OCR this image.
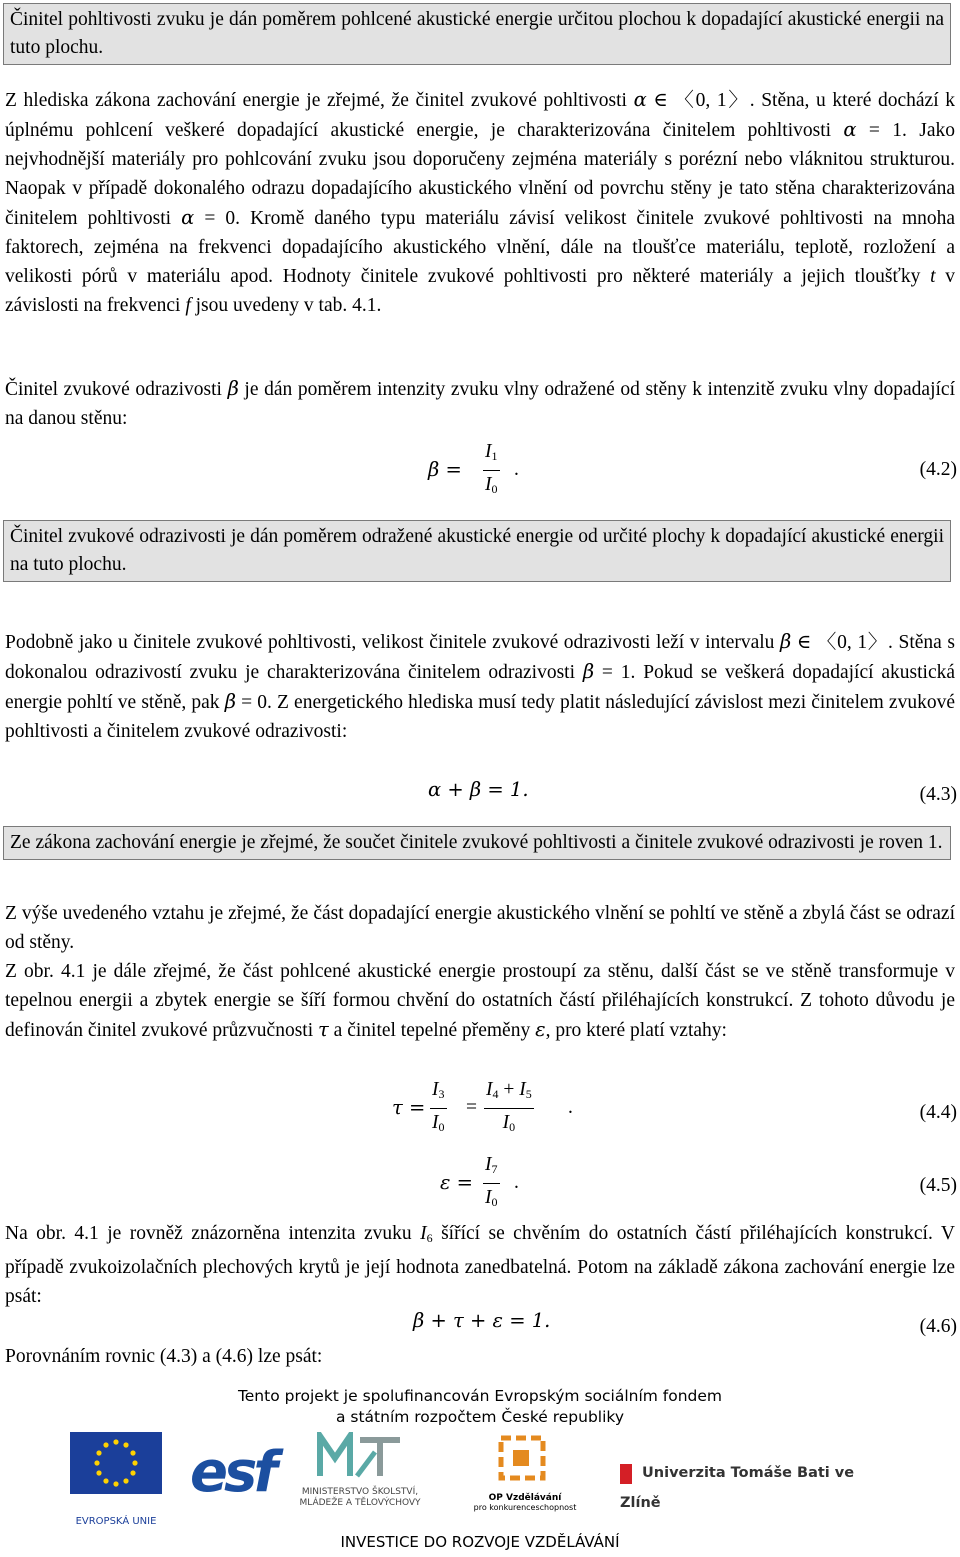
Činitel pohltivosti zvuku je dán poměrem pohlcené akustické energie určitou plochou k dopadající akustické energii na tuto plochu.
Z hlediska zákona zachování energie je zřejmé, že činitel zvukové pohltivosti α ∈ 〈0, 1〉. Stěna, u které dochází k úplnému pohlcení veškeré dopadající akustické energie, je charakterizována činitelem pohltivosti α = 1. Jako nejvhodnější materiály pro pohlcování zvuku jsou doporučeny zejména materiály s porézní nebo vláknitou strukturou. Naopak v případě dokonalého odrazu dopadajícího akustického vlnění od povrchu stěny je tato stěna charakterizována činitelem pohltivosti α = 0. Kromě daného typu materiálu závisí velikost činitele zvukové pohltivosti na mnoha faktorech, zejména na frekvenci dopadajícího akustického vlnění, dále na tloušťce materiálu, teplotě, rozložení a velikosti pórů v materiálu apod. Hodnoty činitele zvukové pohltivosti pro některé materiály a jejich tloušťky t v závislosti na frekvenci f jsou uvedeny v tab. 4.1.
Činitel zvukové odrazivosti β je dán poměrem intenzity zvuku vlny odražené od stěny k intenzitě zvuku vlny dopadající na danou stěnu:
$\beta = \frac{I_1}{I_0}$ .	(4.2)
Činitel zvukové odrazivosti je dán poměrem odražené akustické energie od určité plochy k dopadající akustické energii na tuto plochu.
Podobně jako u činitele zvukové pohltivosti, velikost činitele zvukové odrazivosti leží v intervalu β ∈ 〈0, 1〉. Stěna s dokonalou odrazivostí zvuku je charakterizována činitelem odrazivosti β = 1. Pokud se veškerá dopadající akustická energie pohltí ve stěně, pak β = 0. Z energetického hlediska musí tedy platit následující závislost mezi činitelem zvukové pohltivosti a činitelem zvukové odrazivosti:
α + β = 1.	(4.3)
Ze zákona zachování energie je zřejmé, že součet činitele zvukové pohltivosti a činitele zvukové odrazivosti je roven 1.
Z výše uvedeného vztahu je zřejmé, že část dopadající energie akustického vlnění se pohltí ve stěně a zbylá část se odrazí od stěny.
Z obr. 4.1 je dále zřejmé, že část pohlcené akustické energie prostoupí za stěnu, další část se ve stěně transformuje v tepelnou energii a zbytek energie se šíří formou chvění do ostatních částí přiléhajících konstrukcí. Z tohoto důvodu je definován činitel zvukové průzvučnosti τ a činitel tepelné přeměny ε, pro které platí vztahy:
$\tau = \frac{I_3}{I_0} = \frac{I_4 + I_5}{I_0}$ .	(4.4)
$\varepsilon = \frac{I_7}{I_0}$ .	(4.5)
Na obr. 4.1 je rovněž znázorněna intenzita zvuku $I_6$ šířící se chvěním do ostatních částí přiléhajících konstrukcí. V případě zvukoizolačních plechových krytů je její hodnota zanedbatelná. Potom na základě zákona zachování energie lze psát:
β + τ + ε = 1.	(4.6)
Porovnáním rovnic (4.3) a (4.6) lze psát:
Tento projekt je spolufinancován Evropským sociálním fondem
a státním rozpočtem České republiky
EVROPSKÁ UNIE
esf	MINISTERSTVO ŠKOLSTVÍ,
MLÁDEŽE A TĚLOVÝCHOVY	OP Vzdělávání
pro konkurenceschopnost
Univerzita Tomáše Bati ve Zlíně
INVESTICE DO ROZVOJE VZDĚLÁVÁNÍ
